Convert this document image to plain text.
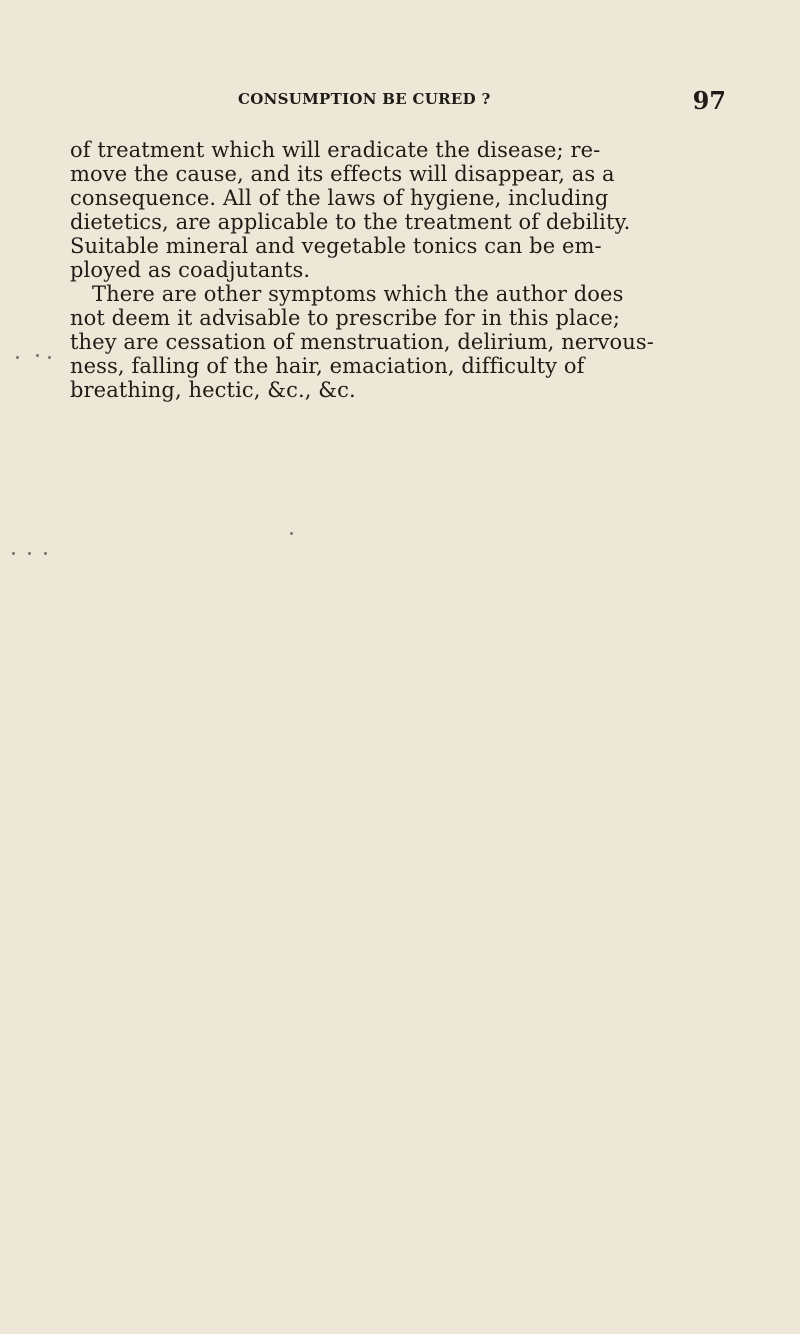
CONSUMPTION BE CURED ?	97
of treatment which will eradicate the disease; re-
move the cause, and its effects will disappear, as a
consequence. All of the laws of hygiene, including
dietetics, are applicable to the treatment of debility.
Suitable mineral and vegetable tonics can be em-
ployed as coadjutants.
There are other symptoms which the author does
not deem it advisable to prescribe for in this place;
they are cessation of menstruation, delirium, nervous-
ness, falling of the hair, emaciation, difficulty of
breathing, hectic, &c., &c.
